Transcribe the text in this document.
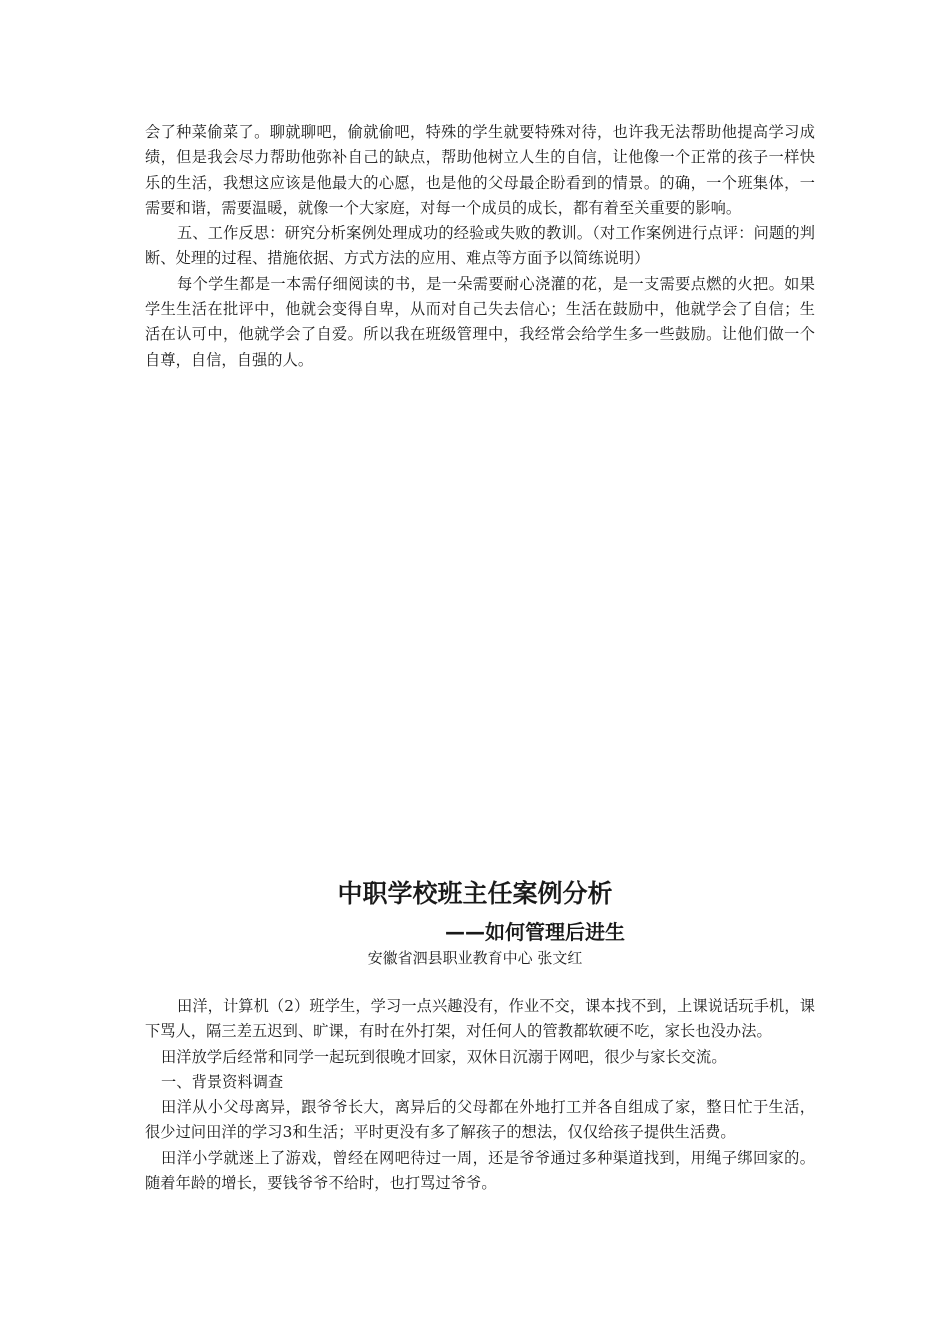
会了种菜偷菜了。聊就聊吧，偷就偷吧，特殊的学生就要特殊对待，也许我无法帮助他提高学习成绩，但是我会尽力帮助他弥补自己的缺点，帮助他树立人生的自信，让他像一个正常的孩子一样快乐的生活，我想这应该是他最大的心愿，也是他的父母最企盼看到的情景。的确，一个班集体，一需要和谐，需要温暖，就像一个大家庭，对每一个成员的成长，都有着至关重要的影响。

五、工作反思：研究分析案例处理成功的经验或失败的教训。（对工作案例进行点评：问题的判断、处理的过程、措施依据、方式方法的应用、难点等方面予以简练说明）

每个学生都是一本需仔细阅读的书，是一朵需要耐心浇灌的花，是一支需要点燃的火把。如果学生生活在批评中，他就会变得自卑，从而对自己失去信心；生活在鼓励中，他就学会了自信；生活在认可中，他就学会了自爱。所以我在班级管理中，我经常会给学生多一些鼓励。让他们做一个自尊，自信，自强的人。

中职学校班主任案例分析
——如何管理后进生

安徽省泗县职业教育中心 张文红

田洋，计算机（2）班学生，学习一点兴趣没有，作业不交，课本找不到，上课说话玩手机，课下骂人，隔三差五迟到、旷课，有时在外打架，对任何人的管教都软硬不吃，家长也没办法。

田洋放学后经常和同学一起玩到很晚才回家，双休日沉溺于网吧，很少与家长交流。

一、背景资料调查

田洋从小父母离异，跟爷爷长大，离异后的父母都在外地打工并各自组成了家，整日忙于生活，很少过问田洋的学习3和生活；平时更没有多了解孩子的想法，仅仅给孩子提供生活费。

田洋小学就迷上了游戏，曾经在网吧待过一周，还是爷爷通过多种渠道找到，用绳子绑回家的。随着年龄的增长，要钱爷爷不给时，也打骂过爷爷。
